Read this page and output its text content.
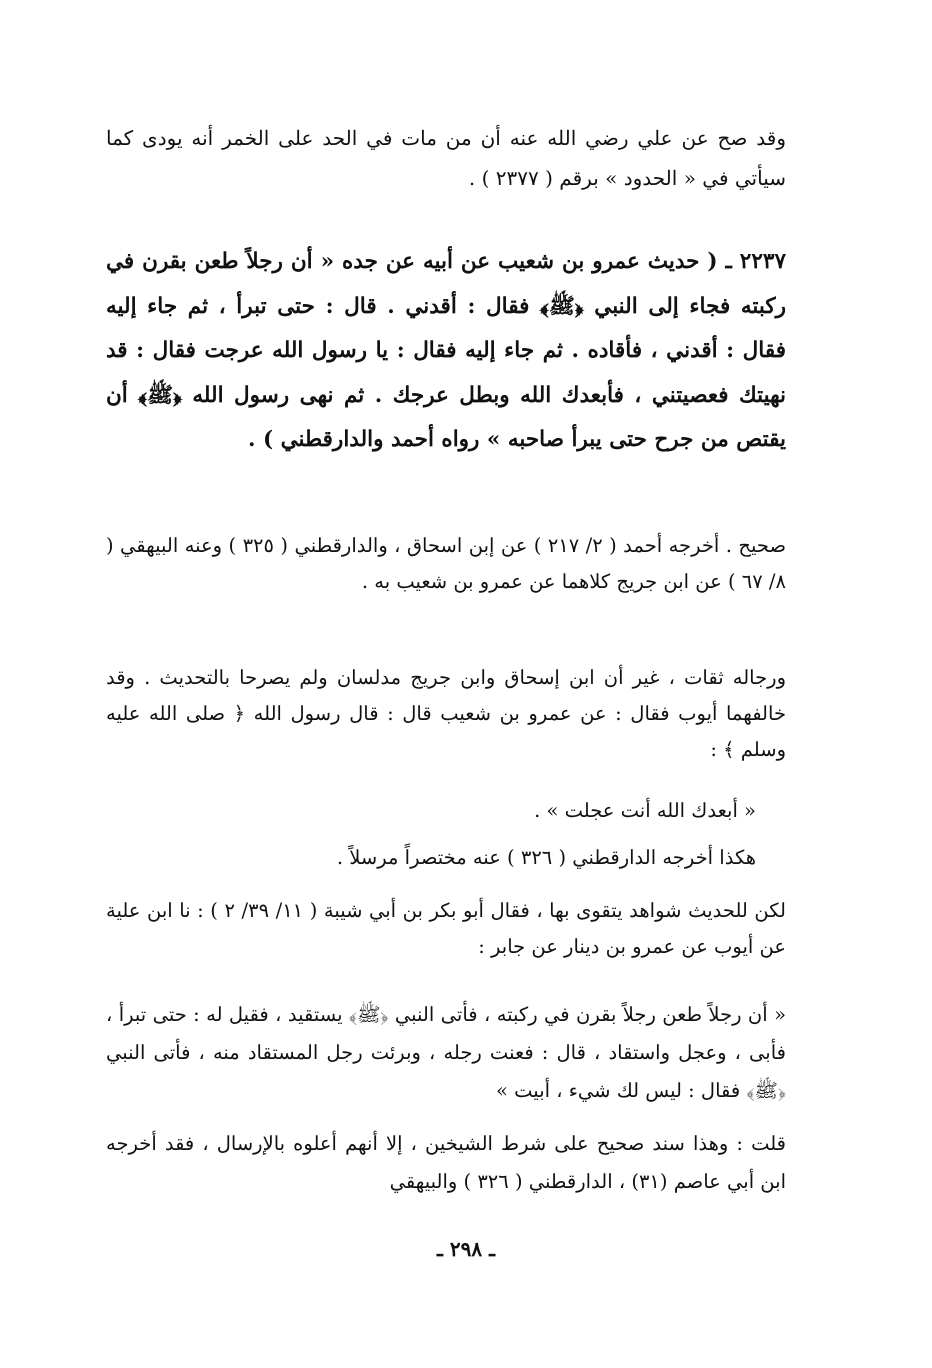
وقد صح عن علي رضي الله عنه أن من مات في الحد على الخمر أنه يودى كما سيأتي في « الحدود » برقم ( ٢٣٧٧ ) .

٢٢٣٧ ـ ( حديث عمرو بن شعيب عن أبيه عن جده « أن رجلاً طعن بقرن في ركبته فجاء إلى النبي ﴿ﷺ﴾ فقال : أقدني . قال : حتى تبرأ ، ثم جاء إليه فقال : أقدني ، فأقاده . ثم جاء إليه فقال : يا رسول الله عرجت فقال : قد نهيتك فعصيتني ، فأبعدك الله وبطل عرجك . ثم نهى رسول الله ﴿ﷺ﴾ أن يقتص من جرح حتى يبرأ صاحبه » رواه أحمد والدارقطني ) .

صحيح . أخرجه أحمد ( ٢/ ٢١٧ ) عن إبن اسحاق ، والدارقطني ( ٣٢٥ ) وعنه البيهقي ( ٨/ ٦٧ ) عن ابن جريج كلاهما عن عمرو بن شعيب به .

ورجاله ثقات ، غير أن ابن إسحاق وابن جريج مدلسان ولم يصرحا بالتحديث . وقد خالفهما أيوب فقال : عن عمرو بن شعيب قال : قال رسول الله ﴿ صلى الله عليه وسلم ﴾ :

« أبعدك الله أنت عجلت » .

هكذا أخرجه الدارقطني ( ٣٢٦ ) عنه مختصراً مرسلاً .

لكن للحديث شواهد يتقوى بها ، فقال أبو بكر بن أبي شيبة ( ١١/ ٣٩/ ٢ ) : نا ابن علية عن أيوب عن عمرو بن دينار عن جابر :

« أن رجلاً طعن رجلاً بقرن في ركبته ، فأتى النبي ﴿ﷺ﴾ يستقيد ، فقيل له : حتى تبرأ ، فأبى ، وعجل واستقاد ، قال : فعنت رجله ، وبرئت رجل المستقاد منه ، فأتى النبي ﴿ﷺ﴾ فقال : ليس لك شيء ، أبيت »

قلت : وهذا سند صحيح على شرط الشيخين ، إلا أنهم أعلوه بالإرسال ، فقد أخرجه ابن أبي عاصم (٣١) ، الدارقطني ( ٣٢٦ ) والبيهقي

ـ ٢٩٨ ـ
